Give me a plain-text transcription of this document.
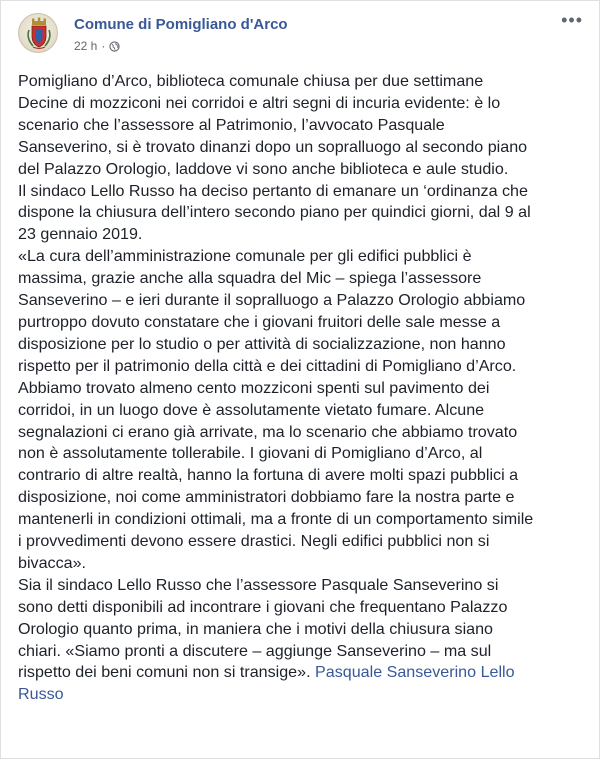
Comune di Pomigliano d'Arco
22 h ·
•••

Pomigliano d’Arco, biblioteca comunale chiusa per due settimane

Decine di mozziconi nei corridoi e altri segni di incuria evidente: è lo

scenario che l’assessore al Patrimonio, l’avvocato Pasquale

Sanseverino, si è trovato dinanzi dopo un sopralluogo al secondo piano

del Palazzo Orologio, laddove vi sono anche biblioteca e aule studio.

Il sindaco Lello Russo ha deciso pertanto di emanare un ‘ordinanza che

dispone la chiusura dell’intero secondo piano per quindici giorni, dal 9 al

23 gennaio 2019.

«La cura dell’amministrazione comunale per gli edifici pubblici è

massima, grazie anche alla squadra del Mic – spiega l’assessore

Sanseverino – e ieri durante il sopralluogo a Palazzo Orologio abbiamo

purtroppo dovuto constatare che i giovani fruitori delle sale messe a

disposizione per lo studio o per attività di socializzazione, non hanno

rispetto per il patrimonio della città e dei cittadini di Pomigliano d’Arco.

Abbiamo trovato almeno cento mozziconi spenti sul pavimento dei

corridoi, in un luogo dove è assolutamente vietato fumare. Alcune

segnalazioni ci erano già arrivate, ma lo scenario che abbiamo trovato

non è assolutamente tollerabile. I giovani di Pomigliano d’Arco, al

contrario di altre realtà, hanno la fortuna di avere molti spazi pubblici a

disposizione, noi come amministratori dobbiamo fare la nostra parte e

mantenerli in condizioni ottimali, ma a fronte di un comportamento simile

i provvedimenti devono essere drastici. Negli edifici pubblici non si

bivacca».

Sia il sindaco Lello Russo che l’assessore Pasquale Sanseverino si

sono detti disponibili ad incontrare i giovani che frequentano Palazzo

Orologio quanto prima, in maniera che i motivi della chiusura siano

chiari. «Siamo pronti a discutere – aggiunge Sanseverino – ma sul

rispetto dei beni comuni non si transige». Pasquale Sanseverino Lello

Russo
